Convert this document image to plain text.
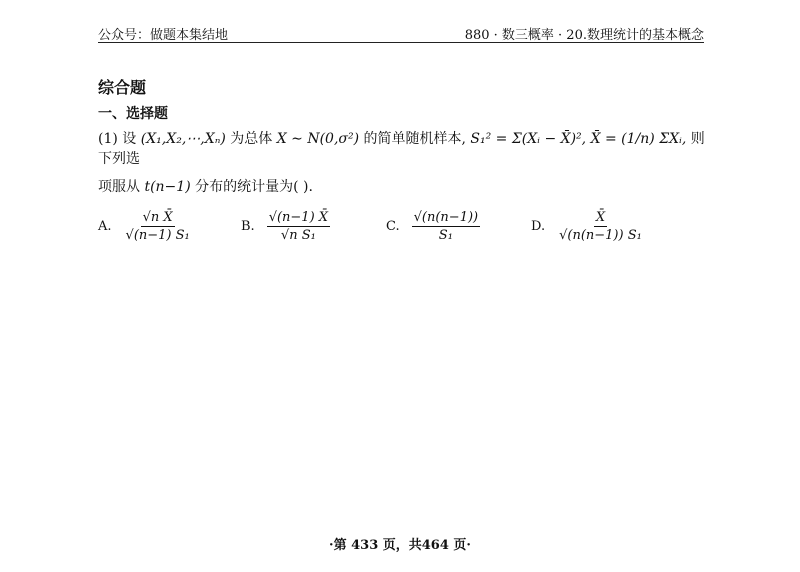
公众号：做题本集结地	880 · 数三概率 · 20.数理统计的基本概念
综合题
一、选择题
(1) 设 (X₁,X₂,⋯,Xₙ) 为总体 X ∼ N(0,σ²) 的简单随机样本, S₁² = Σ(Xᵢ − X̄)², X̄ = (1/n) ΣXᵢ, 则下列选
项服从 t(n−1) 分布的统计量为( ).
A. $\frac{\text{√n X̄}}{\text{√(n−1) S₁}}$	B. $\frac{√(n-1) X̄}{\text{√n S₁}}$	C. $\frac{√(n(n-1))}{\text{S₁}}$	D. $\frac{X̄}{\text{√(n(n−1)) S₁}}$
·第 433 页，共464 页·
